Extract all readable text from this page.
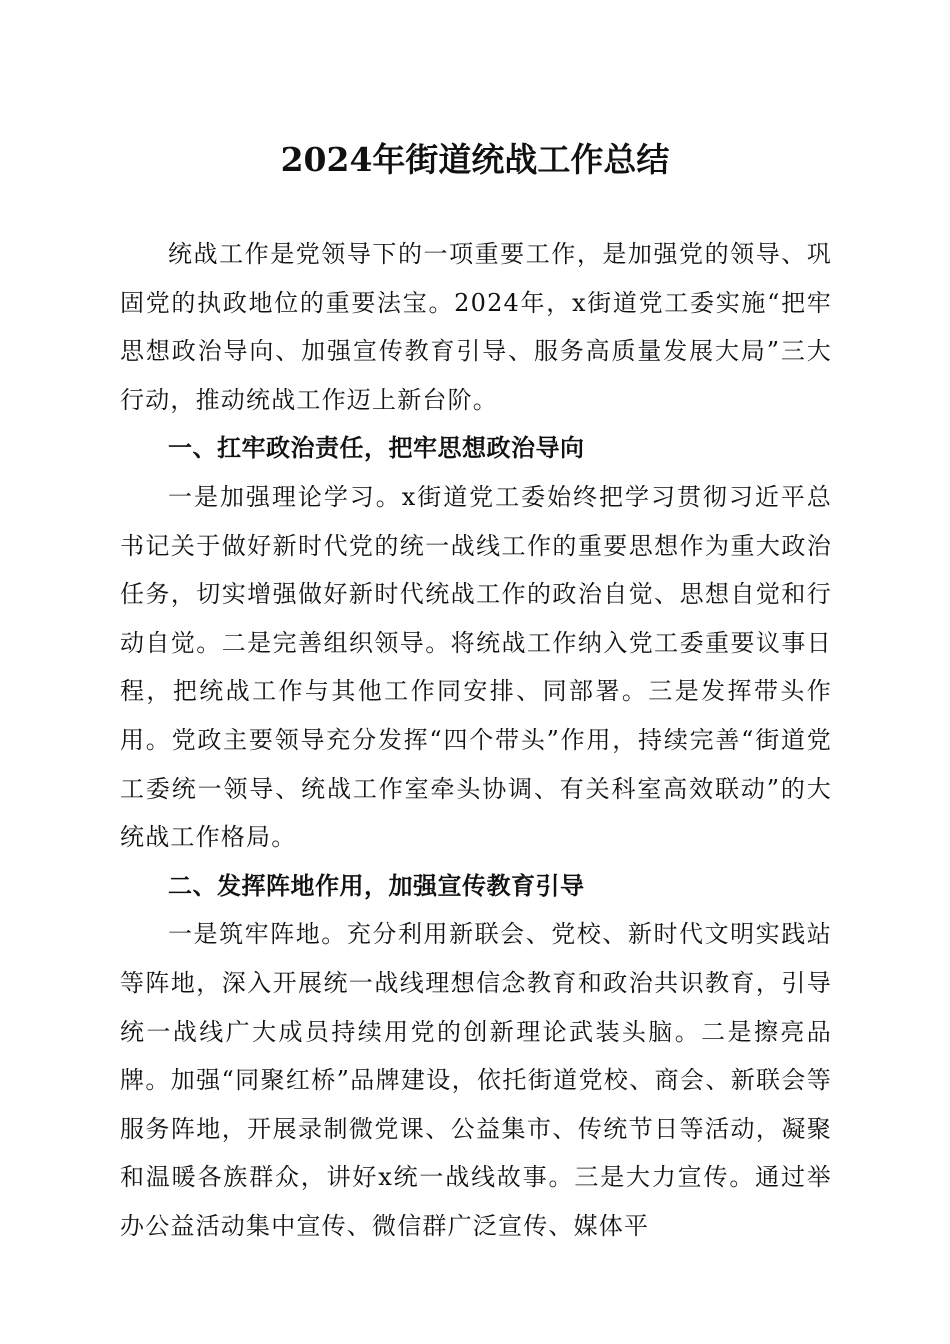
2024年街道统战工作总结

统战工作是党领导下的一项重要工作，是加强党的领导、巩固党的执政地位的重要法宝。2024年，x街道党工委实施“把牢思想政治导向、加强宣传教育引导、服务高质量发展大局”三大行动，推动统战工作迈上新台阶。

一、扛牢政治责任，把牢思想政治导向

一是加强理论学习。x街道党工委始终把学习贯彻习近平总书记关于做好新时代党的统一战线工作的重要思想作为重大政治任务，切实增强做好新时代统战工作的政治自觉、思想自觉和行动自觉。二是完善组织领导。将统战工作纳入党工委重要议事日程，把统战工作与其他工作同安排、同部署。三是发挥带头作用。党政主要领导充分发挥“四个带头”作用，持续完善“街道党工委统一领导、统战工作室牵头协调、有关科室高效联动”的大统战工作格局。

二、发挥阵地作用，加强宣传教育引导

一是筑牢阵地。充分利用新联会、党校、新时代文明实践站等阵地，深入开展统一战线理想信念教育和政治共识教育，引导统一战线广大成员持续用党的创新理论武装头脑。二是擦亮品牌。加强“同聚红桥”品牌建设，依托街道党校、商会、新联会等服务阵地，开展录制微党课、公益集市、传统节日等活动，凝聚和温暖各族群众，讲好x统一战线故事。三是大力宣传。通过举办公益活动集中宣传、微信群广泛宣传、媒体平
